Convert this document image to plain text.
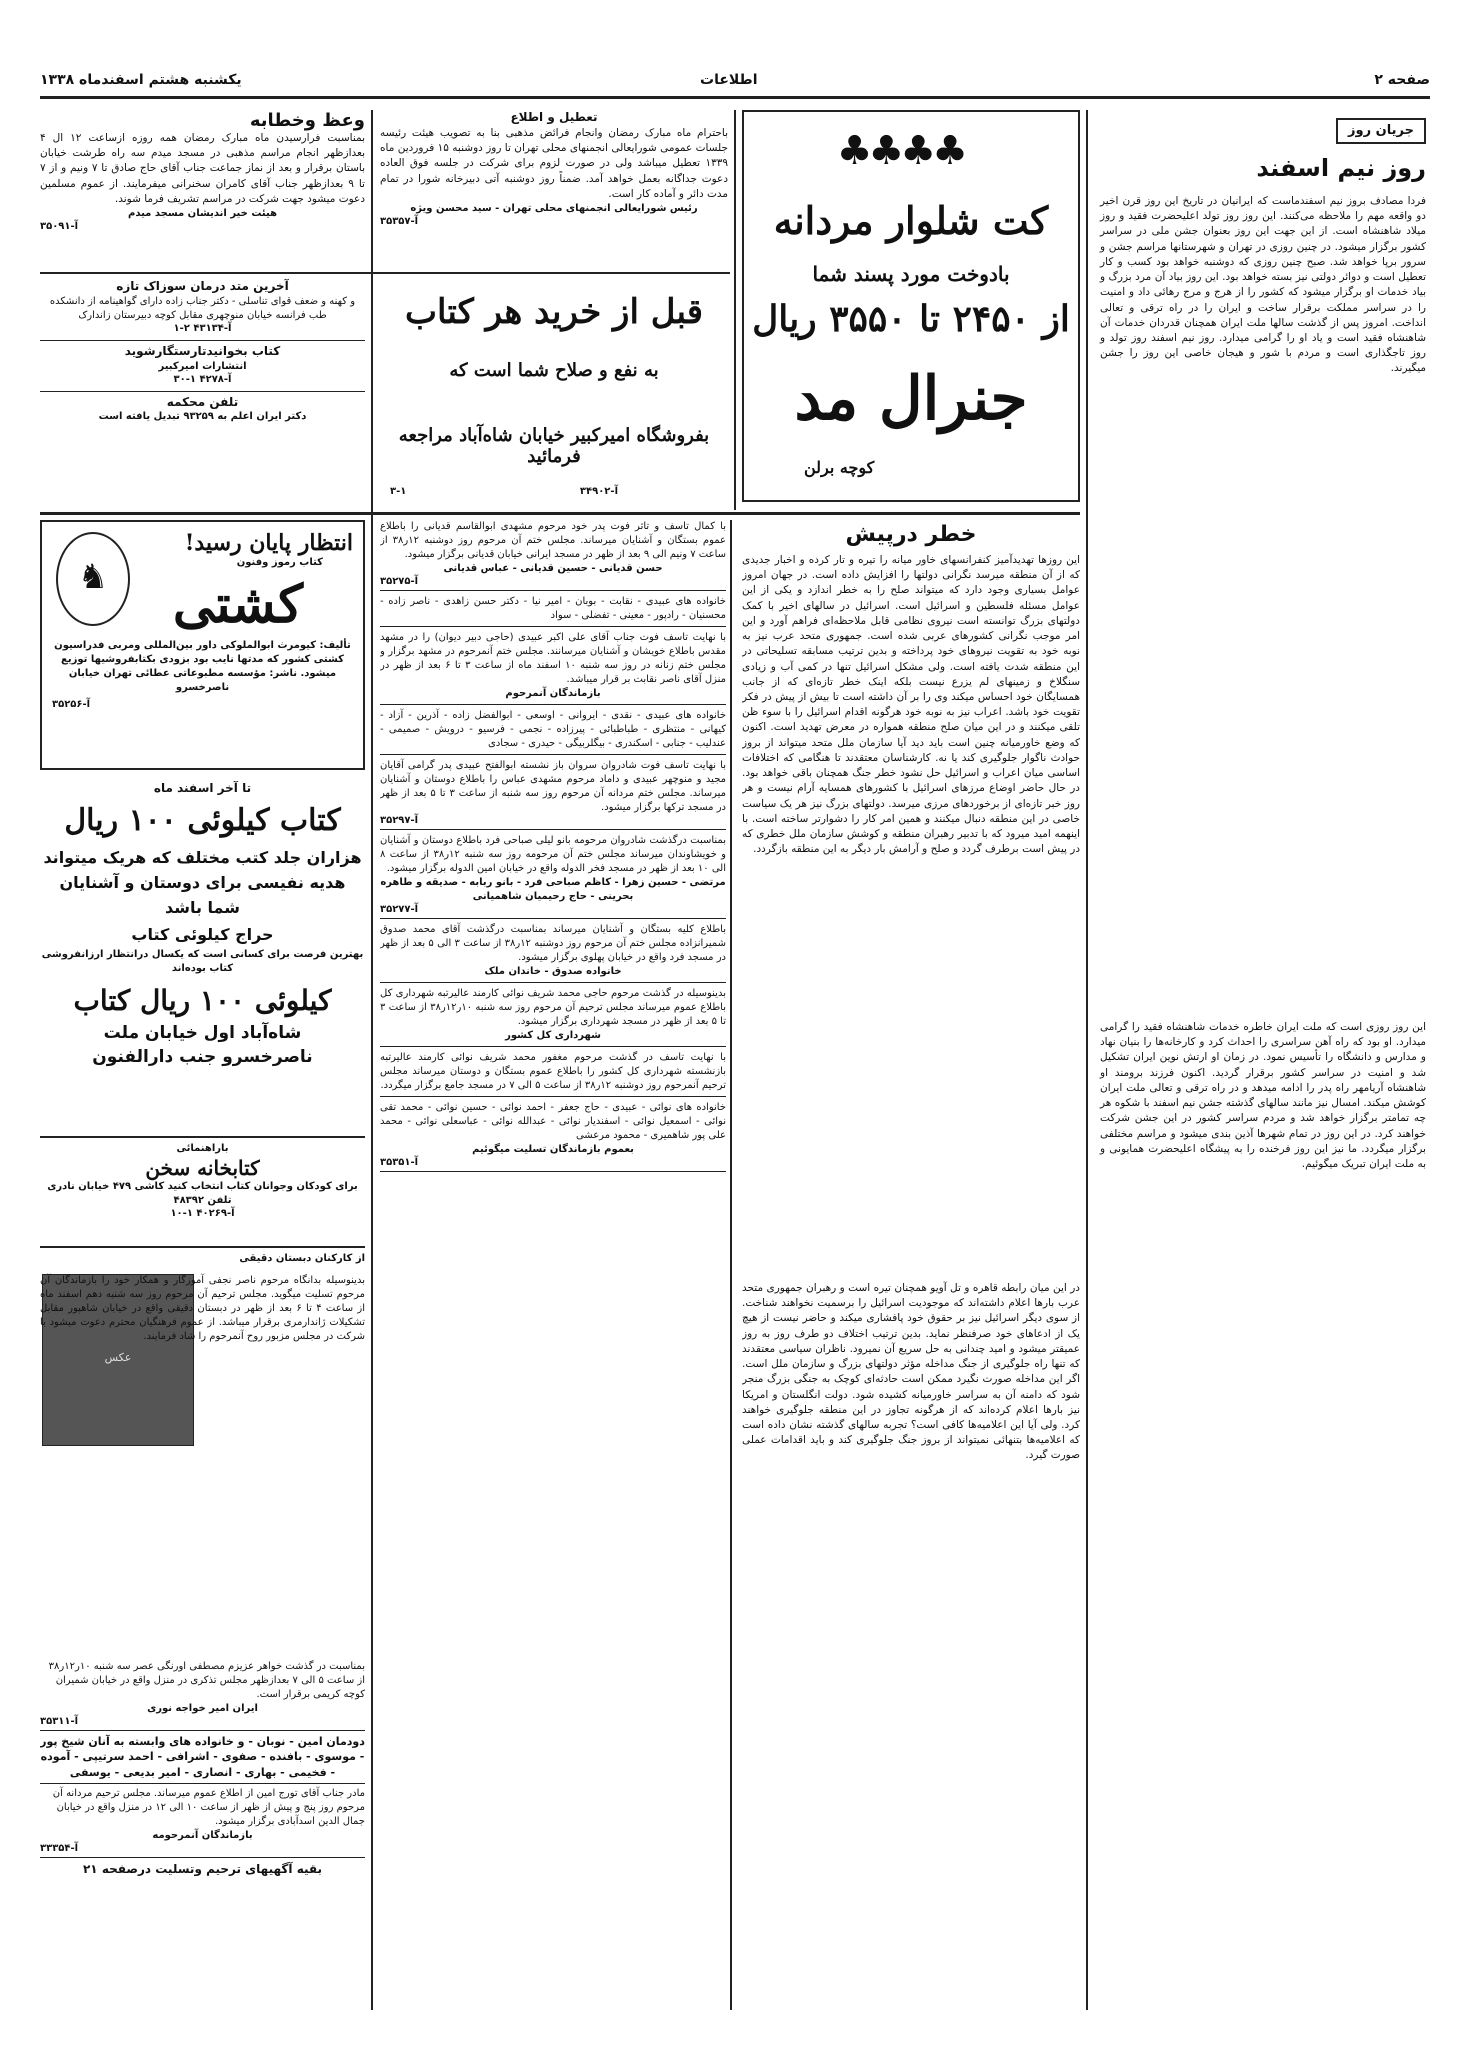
صفحه ۲
اطلاعات
یکشنبه هشتم اسفندماه ۱۳۳۸
جریان روز
روز نیم اسفند
فردا مصادف بروز نیم اسفندماست که ایرانیان در تاریخ این روز قرن اخیر دو واقعه مهم را ملاحظه می‌کنند. این روز روز تولد اعلیحضرت فقید و روز میلاد شاهنشاه است. از این جهت این روز بعنوان جشن ملی در سراسر کشور برگزار میشود. در چنین روزی در تهران و شهرستانها مراسم جشن و سرور برپا خواهد شد. صبح چنین روزی که دوشنبه خواهد بود کسب و کار تعطیل است و دوائر دولتی نیز بسته خواهد بود. این روز بیاد آن مرد بزرگ و بیاد خدمات او برگزار میشود که کشور را از هرج و مرج رهائی داد و امنیت را در سراسر مملکت برقرار ساخت و ایران را در راه ترقی و تعالی انداخت. امروز پس از گذشت سالها ملت ایران همچنان قدردان خدمات آن شاهنشاه فقید است و یاد او را گرامی میدارد. روز نیم اسفند روز تولد و روز تاجگذاری است و مردم با شور و هیجان خاصی این روز را جشن میگیرند.
این روز روزی است که ملت ایران خاطره خدمات شاهنشاه فقید را گرامی میدارد. او بود که راه آهن سراسری را احداث کرد و کارخانه‌ها را بنیان نهاد و مدارس و دانشگاه را تأسیس نمود. در زمان او ارتش نوین ایران تشکیل شد و امنیت در سراسر کشور برقرار گردید. اکنون فرزند برومند او شاهنشاه آریامهر راه پدر را ادامه میدهد و در راه ترقی و تعالی ملت ایران کوشش میکند. امسال نیز مانند سالهای گذشته جشن نیم اسفند با شکوه هر چه تمامتر برگزار خواهد شد و مردم سراسر کشور در این جشن شرکت خواهند کرد. در این روز در تمام شهرها آذین بندی میشود و مراسم مختلفی برگزار میگردد. ما نیز این روز فرخنده را به پیشگاه اعلیحضرت همایونی و به ملت ایران تبریک میگوئیم.
♣♣♣♣
کت شلوار مردانه
بادوخت مورد پسند شما
از ۲۴۵۰ تا ۳۵۵۰ ریال
جنرال مد
کوچه برلن
خطر درپیش
این روزها تهدیدآمیز کنفرانسهای خاور میانه را تیره و تار کرده و اخبار جدیدی که از آن منطقه میرسد نگرانی دولتها را افزایش داده است. در جهان امروز عوامل بسیاری وجود دارد که میتواند صلح را به خطر اندازد و یکی از این عوامل مسئله فلسطین و اسرائیل است. اسرائیل در سالهای اخیر با کمک دولتهای بزرگ توانسته است نیروی نظامی قابل ملاحظه‌ای فراهم آورد و این امر موجب نگرانی کشورهای عربی شده است. جمهوری متحد عرب نیز به نوبه خود به تقویت نیروهای خود پرداخته و بدین ترتیب مسابقه تسلیحاتی در این منطقه شدت یافته است. ولی مشکل اسرائیل تنها در کمی آب و زیادی سنگلاخ و زمینهای لم یزرع نیست بلکه اینک خطر تازه‌ای که از جانب همسایگان خود احساس میکند وی را بر آن داشته است تا بیش از پیش در فکر تقویت خود باشد. اعراب نیز به نوبه خود هرگونه اقدام اسرائیل را با سوء ظن تلقی میکنند و در این میان صلح منطقه همواره در معرض تهدید است. اکنون که وضع خاورمیانه چنین است باید دید آیا سازمان ملل متحد میتواند از بروز حوادث ناگوار جلوگیری کند یا نه. کارشناسان معتقدند تا هنگامی که اختلافات اساسی میان اعراب و اسرائیل حل نشود خطر جنگ همچنان باقی خواهد بود. در حال حاضر اوضاع مرزهای اسرائیل با کشورهای همسایه آرام نیست و هر روز خبر تازه‌ای از برخوردهای مرزی میرسد. دولتهای بزرگ نیز هر یک سیاست خاصی در این منطقه دنبال میکنند و همین امر کار را دشوارتر ساخته است. با اینهمه امید میرود که با تدبیر رهبران منطقه و کوشش سازمان ملل خطری که در پیش است برطرف گردد و صلح و آرامش بار دیگر به این منطقه بازگردد.
در این میان رابطه قاهره و تل آویو همچنان تیره است و رهبران جمهوری متحد عرب بارها اعلام داشته‌اند که موجودیت اسرائیل را برسمیت نخواهند شناخت. از سوی دیگر اسرائیل نیز بر حقوق خود پافشاری میکند و حاضر نیست از هیچ یک از ادعاهای خود صرفنظر نماید. بدین ترتیب اختلاف دو طرف روز به روز عمیقتر میشود و امید چندانی به حل سریع آن نمیرود. ناظران سیاسی معتقدند که تنها راه جلوگیری از جنگ مداخله مؤثر دولتهای بزرگ و سازمان ملل است. اگر این مداخله صورت نگیرد ممکن است حادثه‌ای کوچک به جنگی بزرگ منجر شود که دامنه آن به سراسر خاورمیانه کشیده شود. دولت انگلستان و امریکا نیز بارها اعلام کرده‌اند که از هرگونه تجاوز در این منطقه جلوگیری خواهند کرد. ولی آیا این اعلامیه‌ها کافی است؟ تجربه سالهای گذشته نشان داده است که اعلامیه‌ها بتنهائی نمیتواند از بروز جنگ جلوگیری کند و باید اقدامات عملی صورت گیرد.
تعطیل و اطلاع
باحترام ماه مبارک رمضان وانجام فرائض مذهبی بنا به تصویب هیئت رئیسه جلسات عمومی شورایعالی انجمنهای محلی تهران تا روز دوشنبه ۱۵ فروردین ماه ۱۳۳۹ تعطیل میباشد ولی در صورت لزوم برای شرکت در جلسه فوق العاده دعوت جداگانه بعمل خواهد آمد. ضمناً روز دوشنبه آتی دبیرخانه شورا در تمام مدت دائر و آماده کار است.
رئیس شورایعالی انجمنهای محلی تهران - سید محسن ویژه
آ-۳۵۳۵۷
وعظ وخطابه
بمناسبت فرارسیدن ماه مبارک رمضان همه روزه ازساعت ۱۲ ال ۴ بعدازظهر انجام مراسم مذهبی در مسجد میدم سه راه طرشت خیابان باستان برقرار و بعد از نماز جماعت جناب آقای حاج صادق تا ۷ ونیم و از ۷ تا ۹ بعدازظهر جناب آقای کامران سخنرانی میفرمایند. از عموم مسلمین دعوت میشود جهت شرکت در مراسم تشریف فرما شوند.
هیئت خیر اندیشان مسجد میدم
آ-۳۵۰۹۱
قبل از خرید هر کتاب
به نفع و صلاح شما است که
بفروشگاه امیرکبیر خیابان شاه‌آباد مراجعه فرمائید
آ-۳۴۹۰۲
۳-۱
آخرین متد درمان سوزاک تازه
و کهنه و ضعف قوای تناسلی - دکتر جناب زاده دارای گواهینامه از دانشکده طب فرانسه خیابان منوچهری مقابل کوچه دبیرستان زاندارک
آ-۴۳۱۳۴ ۲-۱
کتاب بخوانیدتارستگارشوید
انتشارات امیرکبیر
آ-۴۲۷۸ ۱-۳۰
تلفن محکمه
دکتر ایران اعلم به ۹۳۲۵۹ تبدیل یافته است
انتظار پایان رسید!
کتاب رموز وفنون
♞	کشتی
تألیف: کیومرث ابوالملوکی داور بین‌المللی ومربی فدراسیون کشتی کشور که مدتها نایب بود بزودی بکتابفروشیها توزیع میشود. ناشر: مؤسسه مطبوعاتی عطائی تهران خیابان ناصرخسرو
آ-۳۵۲۵۶
تا آخر اسفند ماه
کتاب کیلوئی ۱۰۰ ریال
هزاران جلد کتب مختلف که هریک میتواند
هدیه نفیسی برای دوستان و آشنایان
شما باشد
حراج کیلوئی کتاب
بهترین فرصت برای کسانی است که یکسال درانتظار ارزانفروشی کتاب بوده‌اند
کیلوئی ۱۰۰ ریال کتاب
شاه‌آباد اول خیابان ملت
ناصرخسرو جنب دارالفنون
باراهنمائی
کتابخانه سخن
برای کودکان وجوانان کتاب انتخاب کنید کاشی ۴۷۹ خیابان نادری تلفن ۴۸۳۹۲
آ-۴۰۲۶۹ ۱-۱۰
از کارکنان دبستان دقیقی
عکس
بدینوسیله بدانگاه مرحوم ناصر نجفی آموزگار و همکار خود را بازماندگان آن مرحوم تسلیت میگوید. مجلس ترحیم آن مرحوم روز سه شنبه دهم اسفند ماه از ساعت ۴ تا ۶ بعد از ظهر در دبستان دقیقی واقع در خیابان شاهپور مقابل تشکیلات ژاندارمری برقرار میباشد. از عموم فرهنگیان محترم دعوت میشود با شرکت در مجلس مزبور روح آنمرحوم را شاد فرمایند.
بمناسبت در گذشت خواهر عزیزم مصطفی اورنگی عصر سه شنبه ۱۰ر۱۲ر۳۸ از ساعت ۵ الی ۷ بعدازظهر مجلس تذکری در منزل واقع در خیابان شمیران کوچه کریمی برقرار است.
ایران امیر خواجه نوری
آ-۳۵۳۱۱
دودمان امین - نوبان - و خانواده های وابسته به آنان شیخ پور - موسوی - بافنده - صفوی - اشرافی - احمد سرتیپی - آموده - فخیمی - بهاری - انصاری - امیر بدیعی - یوسفی
مادر جناب آقای تورج امین از اطلاع عموم میرساند. مجلس ترحیم مردانه آن مرحوم روز پنج و پیش از ظهر از ساعت ۱۰ الی ۱۲ در منزل واقع در خیابان جمال الدین اسدآبادی برگزار میشود.
بازماندگان آنمرحومه
آ-۳۳۳۵۴
بقیه آگهیهای ترحیم وتسلیت درصفحه ۲۱
با کمال تاسف و تاثر فوت پدر خود مرحوم مشهدی ابوالقاسم قدیانی را باطلاع عموم بستگان و آشنایان میرساند. مجلس ختم آن مرحوم روز دوشنبه ۱۲ر۳۸ از ساعت ۷ ونیم الی ۹ بعد از ظهر در مسجد ایرانی خیابان قدیانی برگزار میشود.
حسن قدیانی - حسین قدیانی - عباس قدیانی
آ-۳۵۲۷۵
خانواده های عبیدی - نقابت - بوبان - امیر نیا - دکتر حسن زاهدی - ناصر زاده - محسنیان - رادپور - معینی - تفضلی - سواد
با نهایت تاسف فوت جناب آقای علی اکبر عبیدی (حاجی دبیر دیوان) را در مشهد مقدس باطلاع خویشان و آشنایان میرسانند. مجلس ختم آنمرحوم در مشهد برگزار و مجلس ختم زنانه در روز سه شنبه ۱۰ اسفند ماه از ساعت ۳ تا ۶ بعد از ظهر در منزل آقای ناصر نقابت بر قرار میباشد.
بازماندگان آنمرحوم
خانواده های عبیدی - نقدی - ایروانی - اوسعی - ابوالفضل زاده - آذرین - آزاد - کیهانی - منتظری - طباطبائی - پیرزاده - نجمی - فرسیو - درویش - صمیمی - عندلیب - جنابی - اسکندری - بیگلربیگی - حیدری - سجادی
با نهایت تاسف فوت شادروان سروان باز نشسته ابوالفتح عبیدی پدر گرامی آقایان مجید و منوچهر عبیدی و داماد مرحوم مشهدی عباس را باطلاع دوستان و آشنایان میرساند. مجلس ختم مردانه آن مرحوم روز سه شنبه از ساعت ۳ تا ۵ بعد از ظهر در مسجد ترکها برگزار میشود.
آ-۳۵۲۹۷
بمناسبت درگذشت شادروان مرحومه بانو لیلی صباحی فرد باطلاع دوستان و آشنایان و خویشاوندان میرساند مجلس ختم آن مرحومه روز سه شنبه ۱۲ر۳۸ از ساعت ۸ الی ۱۰ بعد از ظهر در مسجد فخر الدوله واقع در خیابان امین الدوله برگزار میشود.
مرتضی - حسین زهرا - کاظم صباحی فرد - بانو ربابه - صدیقه و طاهره بحرینی - حاج رحیمیان شاهمیانی
آ-۳۵۲۷۷
باطلاع کلیه بستگان و آشنایان میرساند بمناسبت درگذشت آقای محمد صدوق شمیرانزاده مجلس ختم آن مرحوم روز دوشنبه ۱۲ر۳۸ از ساعت ۳ الی ۵ بعد از ظهر در مسجد فرد واقع در خیابان پهلوی برگزار میشود.
خانواده صدوق - خاندان ملک
بدینوسیله در گذشت مرحوم حاجی محمد شریف نوائی کارمند عالیرتبه شهرداری کل باطلاع عموم میرساند مجلس ترحیم آن مرحوم روز سه شنبه ۱۰ر۱۲ر۳۸ از ساعت ۳ تا ۵ بعد از ظهر در مسجد شهرداری برگزار میشود.
شهرداری کل کشور
با نهایت تاسف در گذشت مرحوم مغفور محمد شریف نوائی کارمند عالیرتبه بازنشسته شهرداری کل کشور را باطلاع عموم بستگان و دوستان میرساند مجلس ترحیم آنمرحوم روز دوشنبه ۱۲ر۳۸ از ساعت ۵ الی ۷ در مسجد جامع برگزار میگردد.
خانواده های نوائی - عبیدی - حاج جعفر - احمد نوائی - حسین نوائی - محمد تقی نوائی - اسمعیل نوائی - اسفندیار نوائی - عبدالله نوائی - عباسعلی نوائی - محمد علی پور شاهمیری - محمود مرعشی
بعموم بازماندگان تسلیت میگوئیم
آ-۳۵۳۵۱
